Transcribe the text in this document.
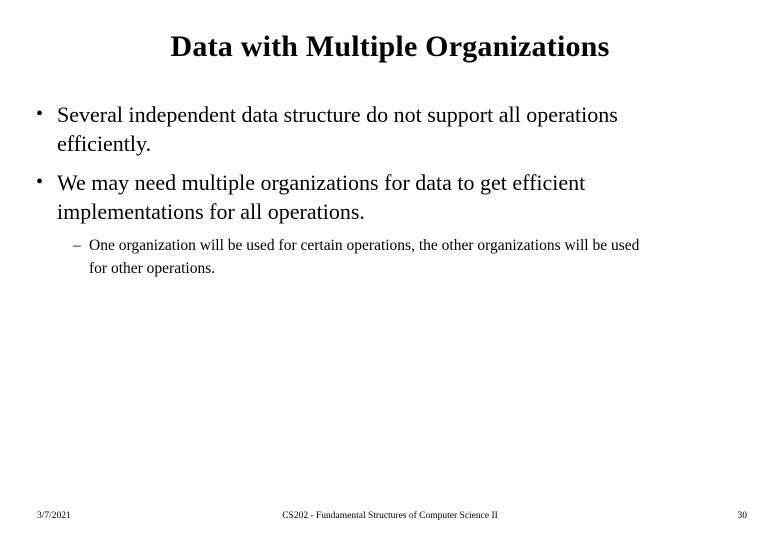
Data with Multiple Organizations
• Several independent data structure do not support all operations
efficiently.
• We may need multiple organizations for data to get efficient
implementations for all operations.
– One organization will be used for certain operations, the other organizations will be used
for other operations.
3/7/2021	CS202 - Fundamental Structures of Computer Science II	30
